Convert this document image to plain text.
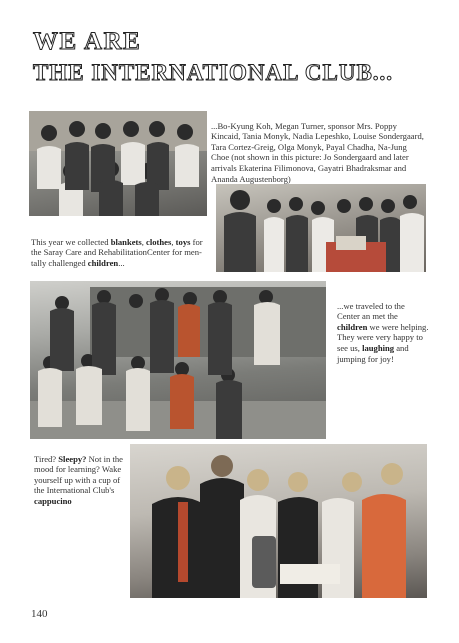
WE ARE
THE INTERNATIONAL CLUB...

...Bo-Kyung Koh, Megan Turner, sponsor Mrs. Poppy Kincaid, Tania Monyk, Nadia Lepeshko, Louise Sondergaard, Tara Cortez-Greig, Olga Monyk, Payal Chadha, Na-Jung Choe (not shown in this picture: Jo Sondergaard and later arrivals Ekaterina Filimonova, Gayatri Bhadraksmar and Ananda Augustenborg)

This year we collected blankets, clothes, toys for the Saray Care and RehabilitationCenter for men-tally challenged children...

...we traveled to the Center an met the children we were helping. They were very happy to see us, laughing and jumping for joy!

Tired? Sleepy? Not in the mood for learning? Wake yourself up with a cup of the International Club's cappucino

140
